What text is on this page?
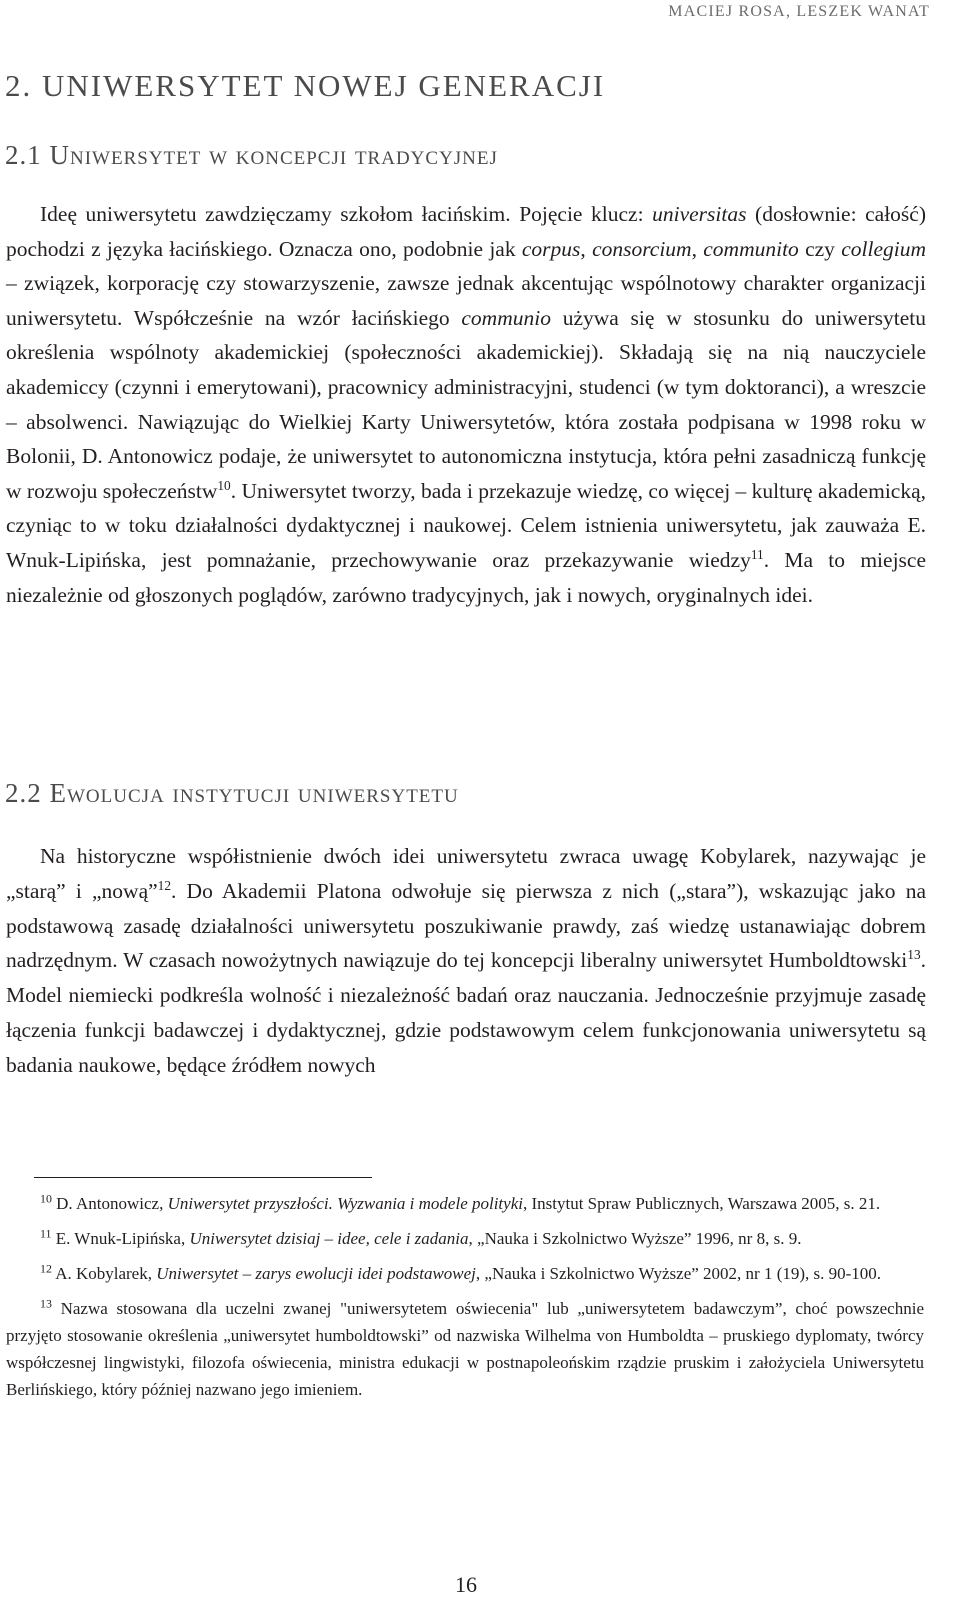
MACIEJ ROSA, LESZEK WANAT
2. UNIWERSYTET NOWEJ GENERACJI
2.1 Uniwersytet w koncepcji tradycyjnej

Ideę uniwersytetu zawdzięczamy szkołom łacińskim. Pojęcie klucz: universitas (dosłownie: całość) pochodzi z języka łacińskiego. Oznacza ono, podobnie jak corpus, consorcium, communito czy collegium – związek, korporację czy stowarzyszenie, zawsze jednak akcentując wspólnotowy charakter organizacji uniwersytetu. Współcześnie na wzór łacińskiego communio używa się w stosunku do uniwersytetu określenia wspólnoty akademickiej (społeczności akademickiej). Składają się na nią nauczyciele akademiccy (czynni i emerytowani), pracownicy administracyjni, studenci (w tym doktoranci), a wreszcie – absolwenci. Nawiązując do Wielkiej Karty Uniwersytetów, która została podpisana w 1998 roku w Bolonii, D. Antonowicz podaje, że uniwersytet to autonomiczna instytucja, która pełni zasadniczą funkcję w rozwoju społeczeństw$^{10}$. Uniwersytet tworzy, bada i przekazuje wiedzę, co więcej – kulturę akademicką, czyniąc to w toku działalności dydaktycznej i naukowej. Celem istnienia uniwersytetu, jak zauważa E. Wnuk-Lipińska, jest pomnażanie, przechowywanie oraz przekazywanie wiedzy$^{11}$. Ma to miejsce niezależnie od głoszonych poglądów, zarówno tradycyjnych, jak i nowych, oryginalnych idei.

2.2 Ewolucja instytucji uniwersytetu

Na historyczne współistnienie dwóch idei uniwersytetu zwraca uwagę Kobylarek, nazywając je „starą” i „nową”$^{12}$. Do Akademii Platona odwołuje się pierwsza z nich („stara”), wskazując jako na podstawową zasadę działalności uniwersytetu poszukiwanie prawdy, zaś wiedzę ustanawiając dobrem nadrzędnym. W czasach nowożytnych nawiązuje do tej koncepcji liberalny uniwersytet Humboldtowski$^{13}$. Model niemiecki podkreśla wolność i niezależność badań oraz nauczania. Jednocześnie przyjmuje zasadę łączenia funkcji badawczej i dydaktycznej, gdzie podstawowym celem funkcjonowania uniwersytetu są badania naukowe, będące źródłem nowych

$^{10}$ D. Antonowicz, Uniwersytet przyszłości. Wyzwania i modele polityki, Instytut Spraw Publicznych, Warszawa 2005, s. 21.

$^{11}$ E. Wnuk-Lipińska, Uniwersytet dzisiaj – idee, cele i zadania, „Nauka i Szkolnictwo Wyższe” 1996, nr 8, s. 9.

$^{12}$ A. Kobylarek, Uniwersytet – zarys ewolucji idei podstawowej, „Nauka i Szkolnictwo Wyższe” 2002, nr 1 (19), s. 90-100.

$^{13}$ Nazwa stosowana dla uczelni zwanej "uniwersytetem oświecenia" lub „uniwersytetem badawczym”, choć powszechnie przyjęto stosowanie określenia „uniwersytet humboldtowski” od nazwiska Wilhelma von Humboldta – pruskiego dyplomaty, twórcy współczesnej lingwistyki, filozofa oświecenia, ministra edukacji w postnapoleońskim rządzie pruskim i założyciela Uniwersytetu Berlińskiego, który później nazwano jego imieniem.

16
